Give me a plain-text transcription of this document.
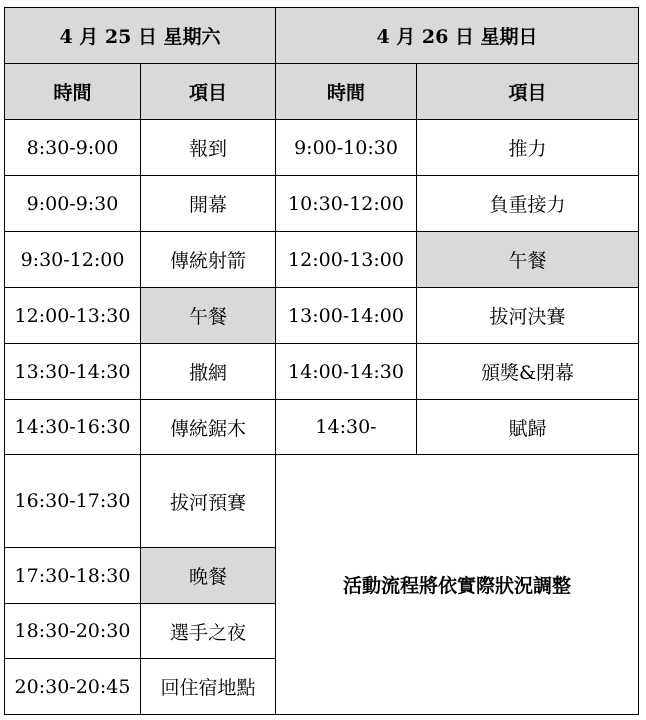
4 月 25 日 星期六		4 月 26 日 星期日	
時間	項目	時間	項目
8:30-9:00	報到	9:00-10:30	推力
9:00-9:30	開幕	10:30-12:00	負重接力
9:30-12:00	傳統射箭	12:00-13:00	午餐
12:00-13:30	午餐	13:00-14:00	拔河決賽
13:30-14:30	撒網	14:00-14:30	頒獎&閉幕
14:30-16:30	傳統鋸木	14:30-	賦歸
16:30-17:30	拔河預賽	活動流程將依實際狀況調整	
17:30-18:30	晚餐		
18:30-20:30	選手之夜		
20:30-20:45	回住宿地點		
